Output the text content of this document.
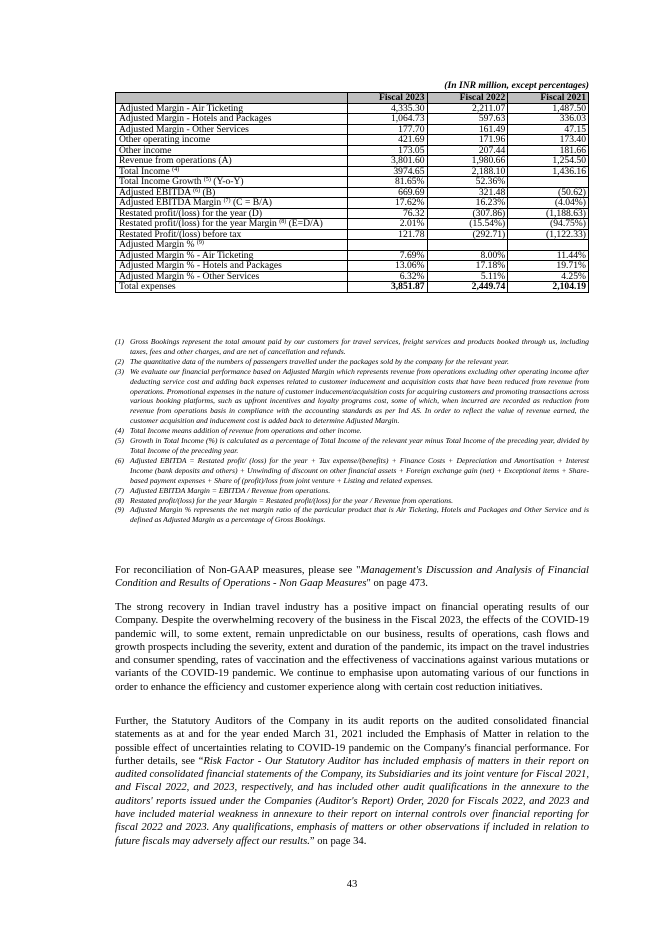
(In INR million, except percentages)
	Fiscal 2023	Fiscal 2022	Fiscal 2021
Adjusted Margin - Air Ticketing	4,335.30	2,211.07	1,487.50
Adjusted Margin - Hotels and Packages	1,064.73	597.63	336.03
Adjusted Margin - Other Services	177.70	161.49	47.15
Other operating income	421.69	171.96	173.40
Other income	173.05	207.44	181.66
Revenue from operations (A)	3,801.60	1,980.66	1,254.50
Total Income $^{(4)}$	3974.65	2,188.10	1,436.16
Total Income Growth $^{(5)}$ (Y-o-Y)	81.65%	52.36%	
Adjusted EBITDA $^{(6)}$ (B)	669.69	321.48	(50.62)
Adjusted EBITDA Margin $^{(7)}$ (C = B/A)	17.62%	16.23%	(4.04%)
Restated profit/(loss) for the year (D)	76.32	(307.86)	(1,188.63)
Restated profit/(loss) for the year Margin $^{(8)}$ (E=D/A)	2.01%	(15.54%)	(94.75%)
Restated Profit/(loss) before tax	121.78	(292.71)	(1,122.33)
Adjusted Margin % $^{(9)}$			
Adjusted Margin % - Air Ticketing	7.69%	8.00%	11.44%
Adjusted Margin % - Hotels and Packages	13.06%	17.18%	19.71%
Adjusted Margin % - Other Services	6.32%	5.11%	4.25%
Total expenses	3,851.87	2,449.74	2,104.19
(1) Gross Bookings represent the total amount paid by our customers for travel services, freight services and products booked through us, including taxes, fees and other charges, and are net of cancellation and refunds.
(2) The quantitative data of the numbers of passengers travelled under the packages sold by the company for the relevant year.
(3) We evaluate our financial performance based on Adjusted Margin which represents revenue from operations excluding other operating income after deducting service cost and adding back expenses related to customer inducement and acquisition costs that have been reduced from revenue from operations. Promotional expenses in the nature of customer inducement/acquisition costs for acquiring customers and promoting transactions across various booking platforms, such as upfront incentives and loyalty programs cost, some of which, when incurred are recorded as reduction from revenue from operations basis in compliance with the accounting standards as per Ind AS. In order to reflect the value of revenue earned, the customer acquisition and inducement cost is added back to determine Adjusted Margin.
(4) Total Income means addition of revenue from operations and other income.
(5) Growth in Total Income (%) is calculated as a percentage of Total Income of the relevant year minus Total Income of the preceding year, divided by Total Income of the preceding year.
(6) Adjusted EBITDA = Restated profit/ (loss) for the year + Tax expense/(benefits) + Finance Costs + Depreciation and Amortisation + Interest Income (bank deposits and others) + Unwinding of discount on other financial assets + Foreign exchange gain (net) + Exceptional items + Share-based payment expenses + Share of (profit)/loss from joint venture + Listing and related expenses.
(7) Adjusted EBITDA Margin = EBITDA / Revenue from operations.
(8) Restated profit/(loss) for the year Margin = Restated profit/(loss) for the year / Revenue from operations.
(9) Adjusted Margin % represents the net margin ratio of the particular product that is Air Ticketing, Hotels and Packages and Other Service and is defined as Adjusted Margin as a percentage of Gross Bookings.
For reconciliation of Non-GAAP measures, please see "Management's Discussion and Analysis of Financial Condition and Results of Operations - Non Gaap Measures" on page 473.
The strong recovery in Indian travel industry has a positive impact on financial operating results of our Company. Despite the overwhelming recovery of the business in the Fiscal 2023, the effects of the COVID-19 pandemic will, to some extent, remain unpredictable on our business, results of operations, cash flows and growth prospects including the severity, extent and duration of the pandemic, its impact on the travel industries and consumer spending, rates of vaccination and the effectiveness of vaccinations against various mutations or variants of the COVID-19 pandemic. We continue to emphasise upon automating various of our functions in order to enhance the efficiency and customer experience along with certain cost reduction initiatives.
Further, the Statutory Auditors of the Company in its audit reports on the audited consolidated financial statements as at and for the year ended March 31, 2021 included the Emphasis of Matter in relation to the possible effect of uncertainties relating to COVID-19 pandemic on the Company's financial performance. For further details, see “Risk Factor - Our Statutory Auditor has included emphasis of matters in their report on audited consolidated financial statements of the Company, its Subsidiaries and its joint venture for Fiscal 2021, and Fiscal 2022, and 2023, respectively, and has included other audit qualifications in the annexure to the auditors' reports issued under the Companies (Auditor's Report) Order, 2020 for Fiscals 2022, and 2023 and have included material weakness in annexure to their report on internal controls over financial reporting for fiscal 2022 and 2023. Any qualifications, emphasis of matters or other observations if included in relation to future fiscals may adversely affect our results.” on page 34.
43
